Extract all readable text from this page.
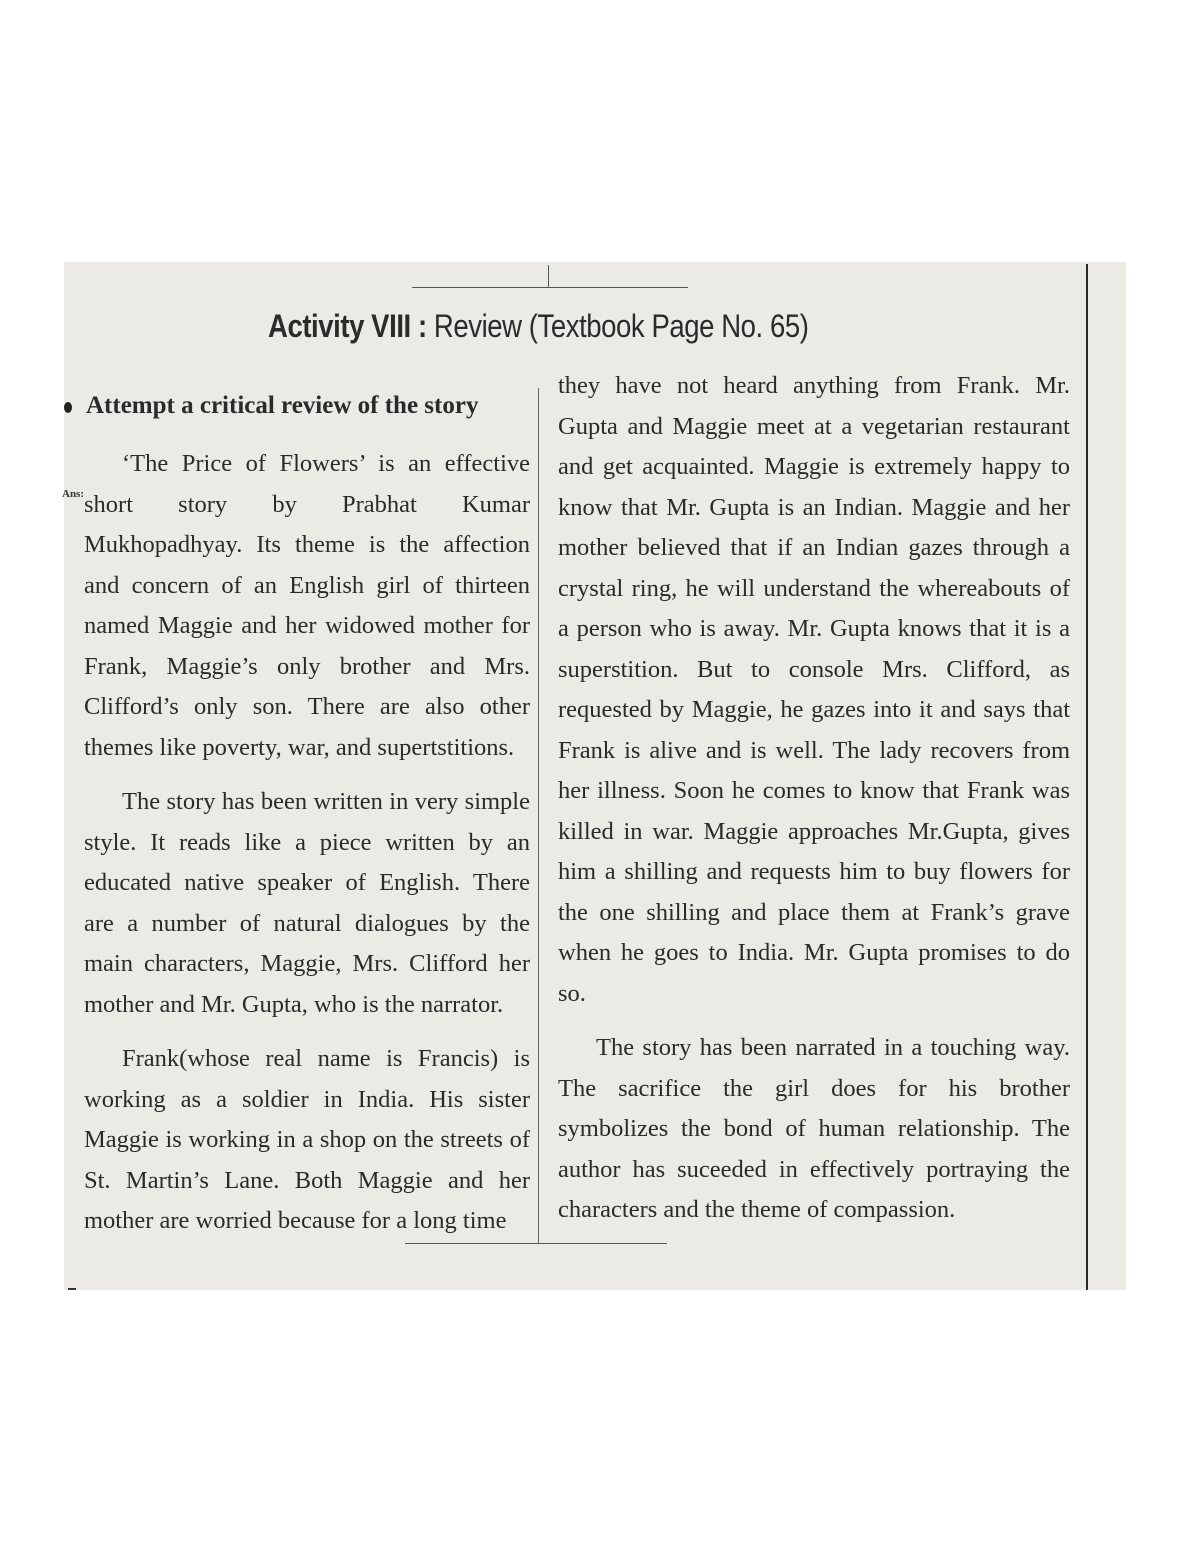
Activity VIII : Review (Textbook Page No. 65)
Attempt a critical review of the story
Ans:

‘The Price of Flowers’ is an effective short story by Prabhat Kumar Mukhopadhyay. Its theme is the affection and concern of an English girl of thirteen named Maggie and her widowed mother for Frank, Maggie’s only brother and Mrs. Clifford’s only son. There are also other themes like poverty, war, and supertstitions.

The story has been written in very simple style. It reads like a piece written by an educated native speaker of English. There are a number of natural dialogues by the main characters, Maggie, Mrs. Clifford her mother and Mr. Gupta, who is the narrator.

Frank(whose real name is Francis) is working as a soldier in India. His sister Maggie is working in a shop on the streets of St. Martin’s Lane. Both Maggie and her mother are worried because for a long time

they have not heard anything from Frank. Mr. Gupta and Maggie meet at a vegetarian restaurant and get acquainted. Maggie is extremely happy to know that Mr. Gupta is an Indian. Maggie and her mother believed that if an Indian gazes through a crystal ring, he will understand the whereabouts of a person who is away. Mr. Gupta knows that it is a superstition. But to console Mrs. Clifford, as requested by Maggie, he gazes into it and says that Frank is alive and is well. The lady recovers from her illness. Soon he comes to know that Frank was killed in war. Maggie approaches Mr.Gupta, gives him a shilling and requests him to buy flowers for the one shilling and place them at Frank’s grave when he goes to India. Mr. Gupta promises to do so.

The story has been narrated in a touching way. The sacrifice the girl does for his brother symbolizes the bond of human relationship. The author has suceeded in effectively portraying the characters and the theme of compassion.
